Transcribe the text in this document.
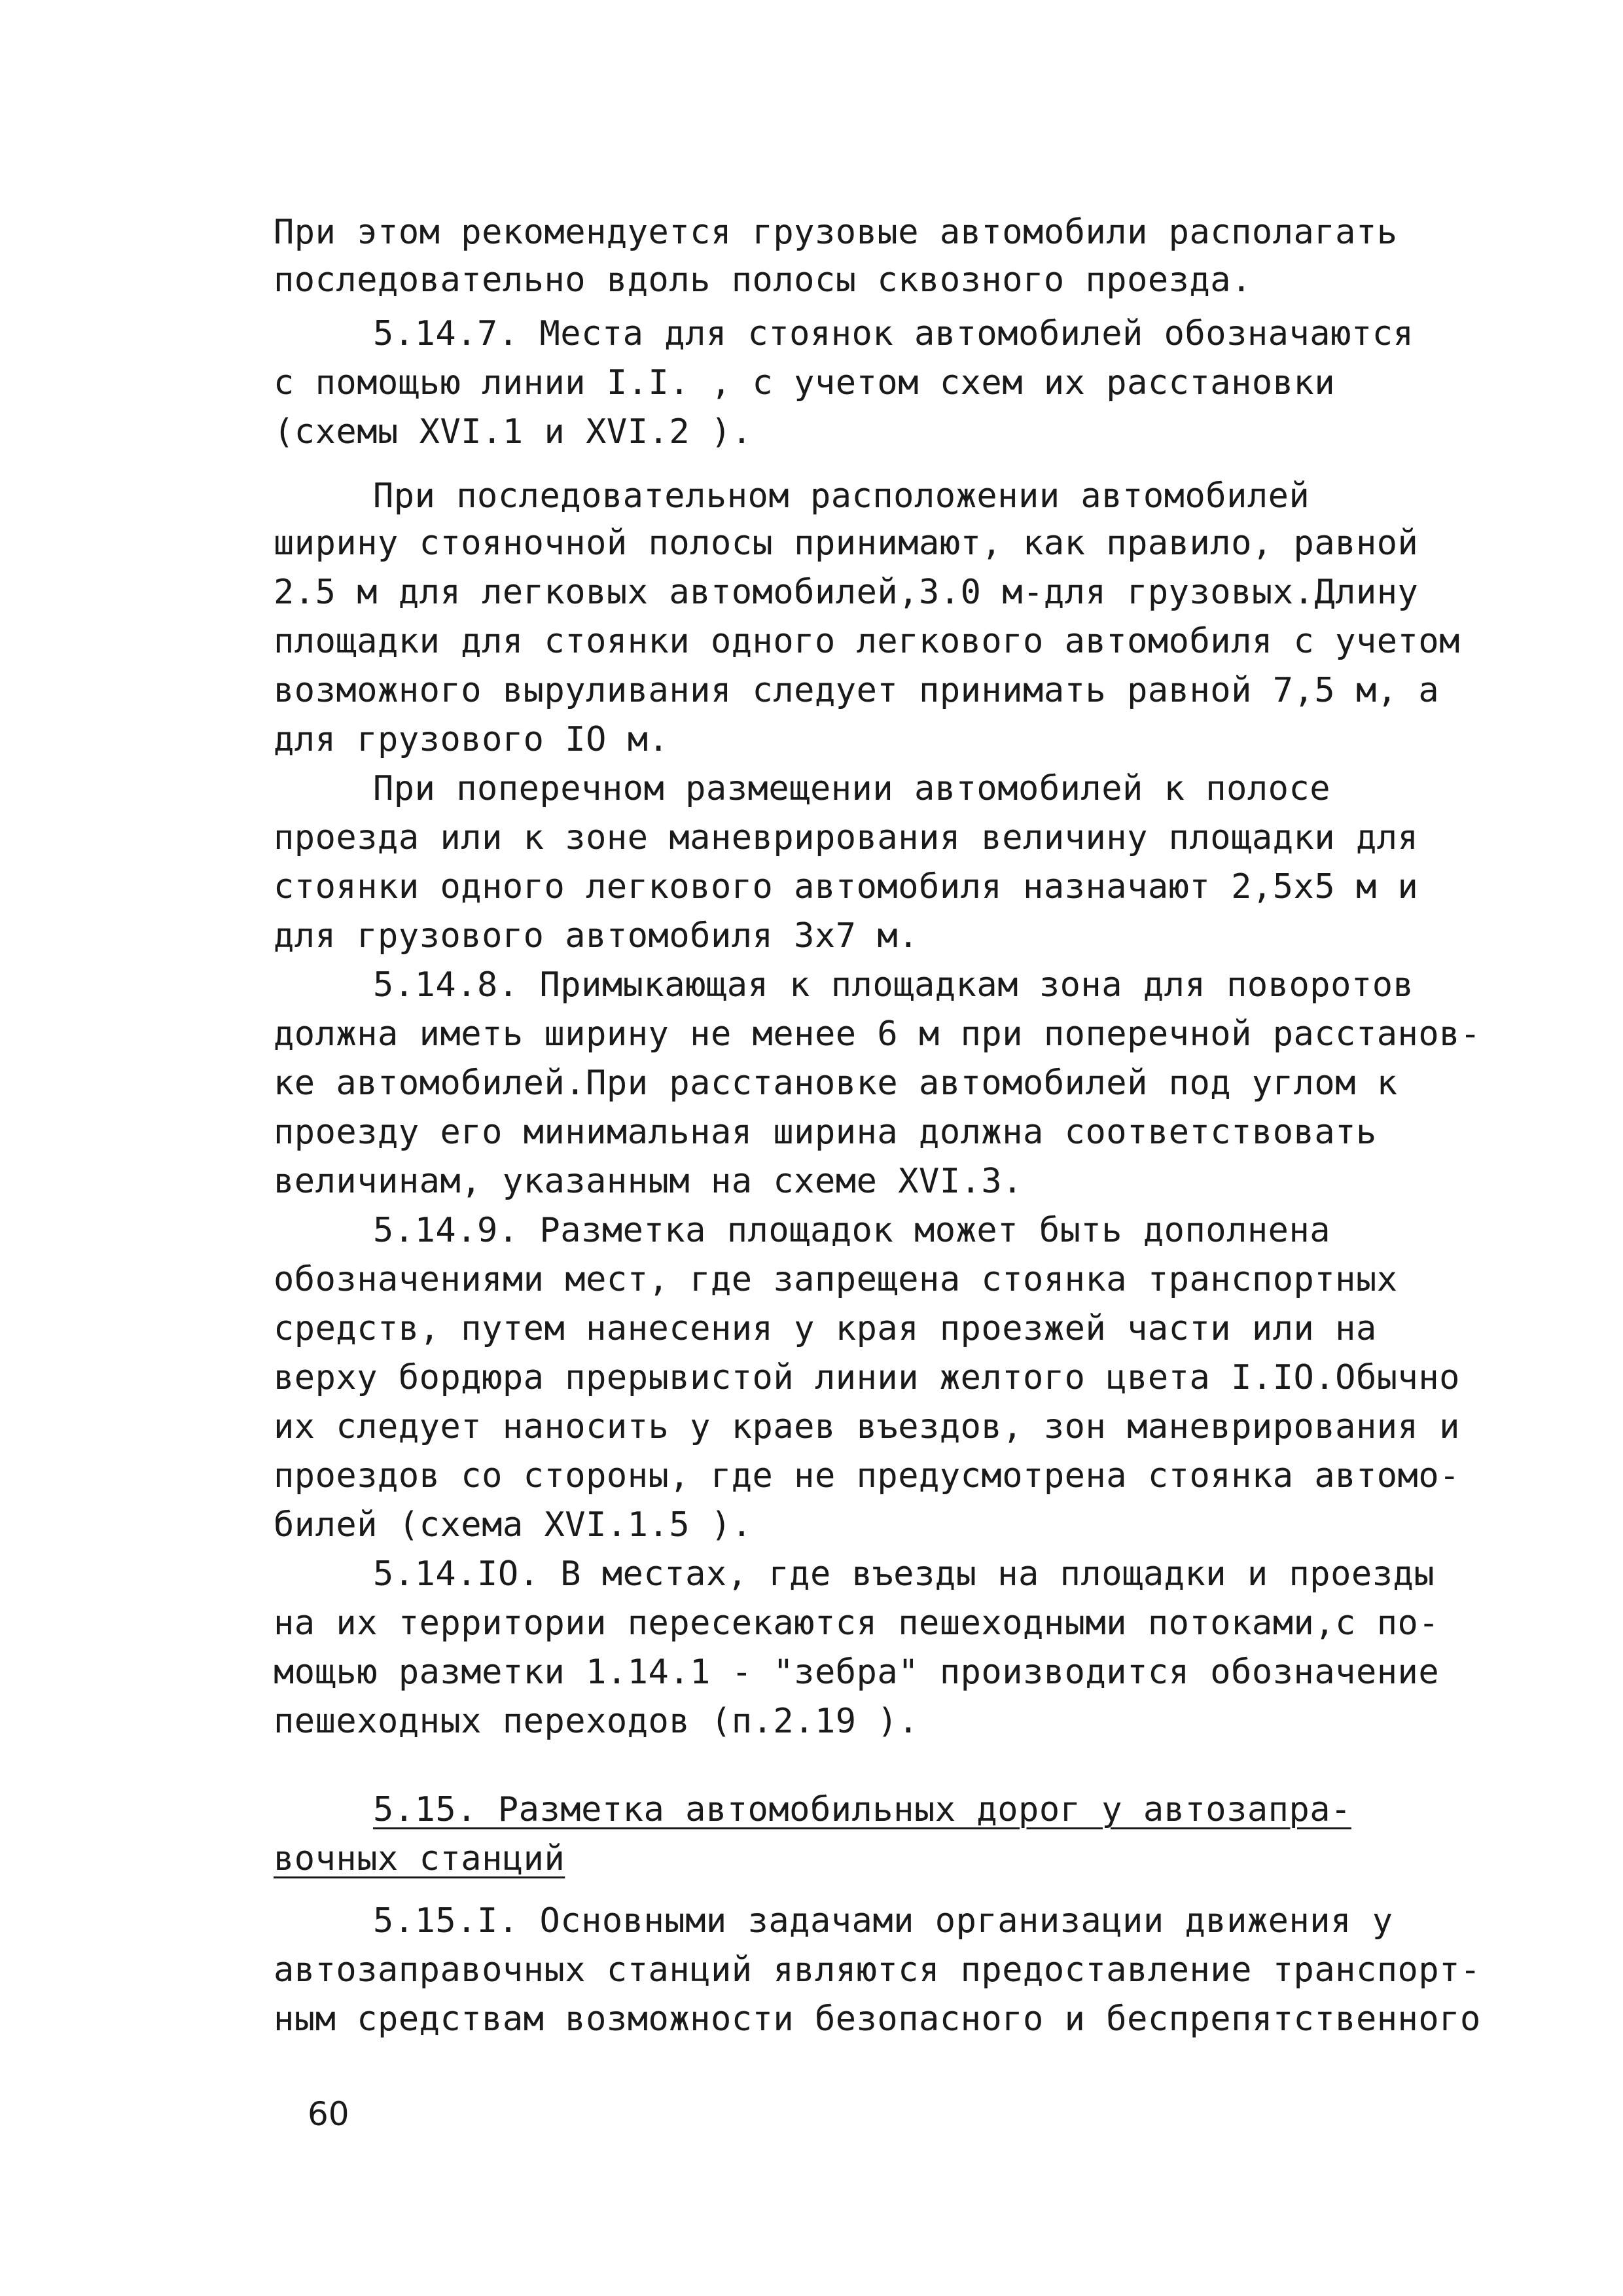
При этом рекомендуется грузовые автомобили располагать
последовательно вдоль полосы сквозного проезда.
5.14.7. Места для стоянок автомобилей обозначаются
с помощью линии I.I. , с учетом схем их расстановки
(схемы XVI.1 и XVI.2 ).
При последовательном расположении автомобилей
ширину стояночной полосы принимают, как правило, равной
2.5 м для легковых автомобилей,3.0 м-для грузовых.Длину
площадки для стоянки одного легкового автомобиля с учетом
возможного выруливания следует принимать равной 7,5 м, а
для грузового IO м.
При поперечном размещении автомобилей к полосе
проезда или к зоне маневрирования величину площадки для
стоянки одного легкового автомобиля назначают 2,5х5 м и
для грузового автомобиля 3х7 м.
5.14.8. Примыкающая к площадкам зона для поворотов
должна иметь ширину не менее 6 м при поперечной расстанов-
ке автомобилей.При расстановке автомобилей под углом к
проезду его минимальная ширина должна соответствовать
величинам, указанным на схеме XVI.3.
5.14.9. Разметка площадок может быть дополнена
обозначениями мест, где запрещена стоянка транспортных
средств, путем нанесения у края проезжей части или на
верху бордюра прерывистой линии желтого цвета I.IO.Обычно
их следует наносить у краев въездов, зон маневрирования и
проездов со стороны, где не предусмотрена стоянка автомо-
билей (схема XVI.1.5 ).
5.14.IO. В местах, где въезды на площадки и проезды
на их территории пересекаются пешеходными потоками,с по-
мощью разметки 1.14.1 - "зебра" производится обозначение
пешеходных переходов (п.2.19 ).
5.15. Разметка автомобильных дорог у автозапра-
вочных станций
5.15.I. Основными задачами организации движения у
автозаправочных станций являются предоставление транспорт-
ным средствам возможности безопасного и беспрепятственного
60
